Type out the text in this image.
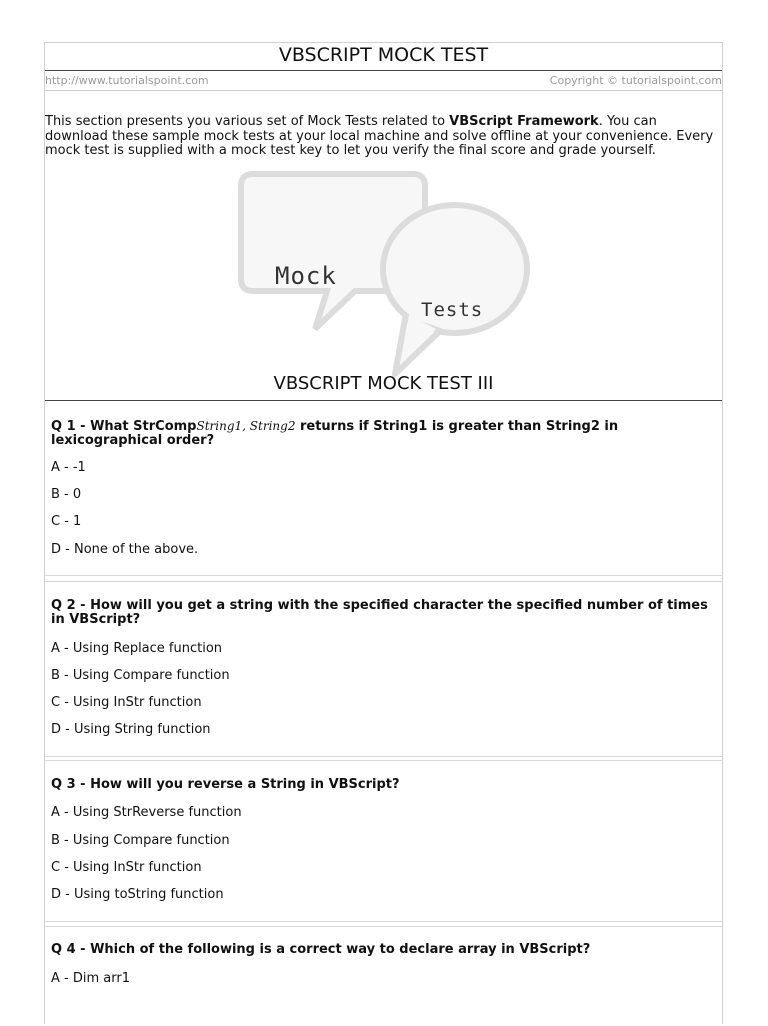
VBSCRIPT MOCK TEST
http://www.tutorialspoint.com	Copyright © tutorialspoint.com
This section presents you various set of Mock Tests related to VBScript Framework. You can download these sample mock tests at your local machine and solve offline at your convenience. Every mock test is supplied with a mock test key to let you verify the final score and grade yourself.
Mock
Tests
VBSCRIPT MOCK TEST III
Q 1 - What StrCompString1, String2 returns if String1 is greater than String2 in lexicographical order?
A - -1
B - 0
C - 1
D - None of the above.
Q 2 - How will you get a string with the specified character the specified number of times in VBScript?
A - Using Replace function
B - Using Compare function
C - Using InStr function
D - Using String function
Q 3 - How will you reverse a String in VBScript?
A - Using StrReverse function
B - Using Compare function
C - Using InStr function
D - Using toString function
Q 4 - Which of the following is a correct way to declare array in VBScript?
A - Dim arr1
